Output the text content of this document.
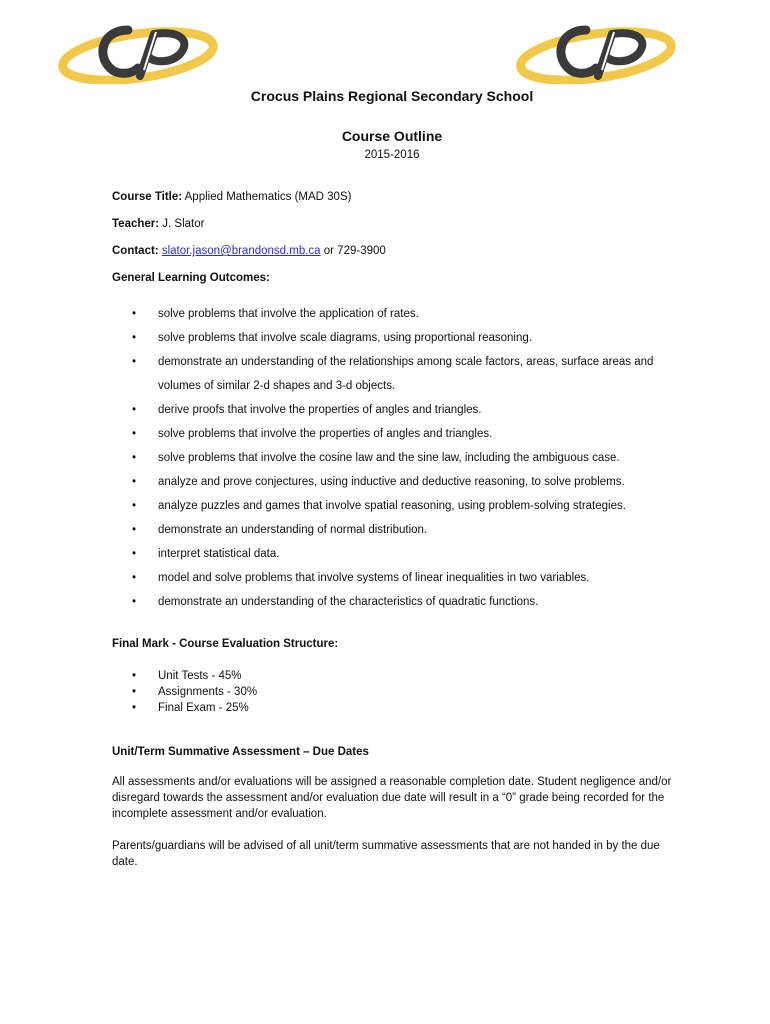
Crocus Plains Regional Secondary School
Course Outline
2015-2016
Course Title: Applied Mathematics (MAD 30S)
Teacher: J. Slator
Contact: slator.jason@brandonsd.mb.ca or 729-3900
General Learning Outcomes:
• solve problems that involve the application of rates.
• solve problems that involve scale diagrams, using proportional reasoning.
• demonstrate an understanding of the relationships among scale factors, areas, surface areas and volumes of similar 2-d shapes and 3-d objects.
• derive proofs that involve the properties of angles and triangles.
• solve problems that involve the properties of angles and triangles.
• solve problems that involve the cosine law and the sine law, including the ambiguous case.
• analyze and prove conjectures, using inductive and deductive reasoning, to solve problems.
• analyze puzzles and games that involve spatial reasoning, using problem-solving strategies.
• demonstrate an understanding of normal distribution.
• interpret statistical data.
• model and solve problems that involve systems of linear inequalities in two variables.
• demonstrate an understanding of the characteristics of quadratic functions.
Final Mark - Course Evaluation Structure:
• Unit Tests - 45%
• Assignments - 30%
• Final Exam - 25%
Unit/Term Summative Assessment – Due Dates
All assessments and/or evaluations will be assigned a reasonable completion date. Student negligence and/or disregard towards the assessment and/or evaluation due date will result in a “0” grade being recorded for the incomplete assessment and/or evaluation.
Parents/guardians will be advised of all unit/term summative assessments that are not handed in by the due date.
